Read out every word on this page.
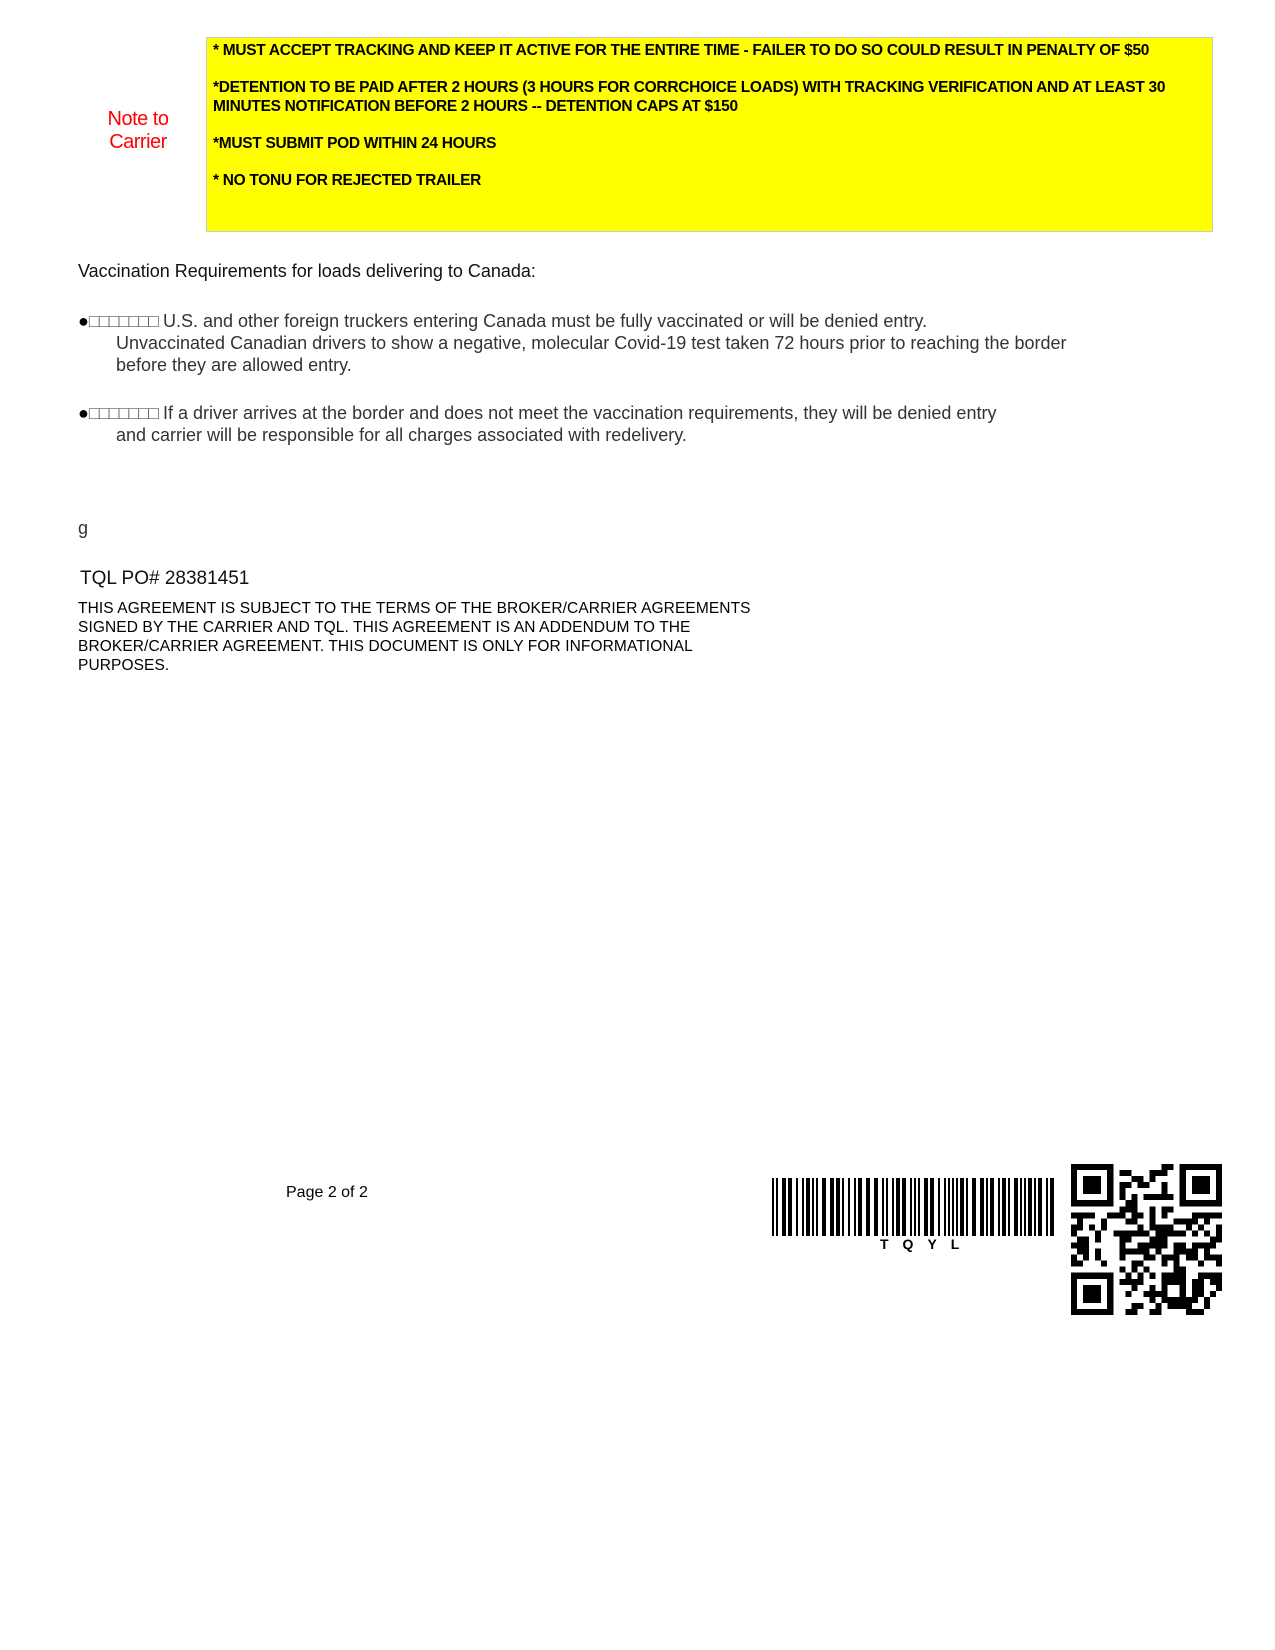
Note to
Carrier

* MUST ACCEPT TRACKING AND KEEP IT ACTIVE FOR THE ENTIRE TIME - FAILER TO DO SO COULD RESULT IN PENALTY OF $50

*DETENTION TO BE PAID AFTER 2 HOURS (3 HOURS FOR CORRCHOICE LOADS) WITH TRACKING VERIFICATION AND AT LEAST 30 MINUTES NOTIFICATION BEFORE 2 HOURS -- DETENTION CAPS AT $150

*MUST SUBMIT POD WITHIN 24 HOURS

* NO TONU FOR REJECTED TRAILER

Vaccination Requirements for loads delivering to Canada:
●□□□□□□□ U.S. and other foreign truckers entering Canada must be fully vaccinated or will be denied entry.
Unvaccinated Canadian drivers to show a negative, molecular Covid-19 test taken 72 hours prior to reaching the border before they are allowed entry.
●□□□□□□□ If a driver arrives at the border and does not meet the vaccination requirements, they will be denied entry
and carrier will be responsible for all charges associated with redelivery.
g
TQL PO# 28381451
THIS AGREEMENT IS SUBJECT TO THE TERMS OF THE BROKER/CARRIER AGREEMENTS SIGNED BY THE CARRIER AND TQL. THIS AGREEMENT IS AN ADDENDUM TO THE BROKER/CARRIER AGREEMENT. THIS DOCUMENT IS ONLY FOR INFORMATIONAL PURPOSES.
Page 2 of 2
TQYL
